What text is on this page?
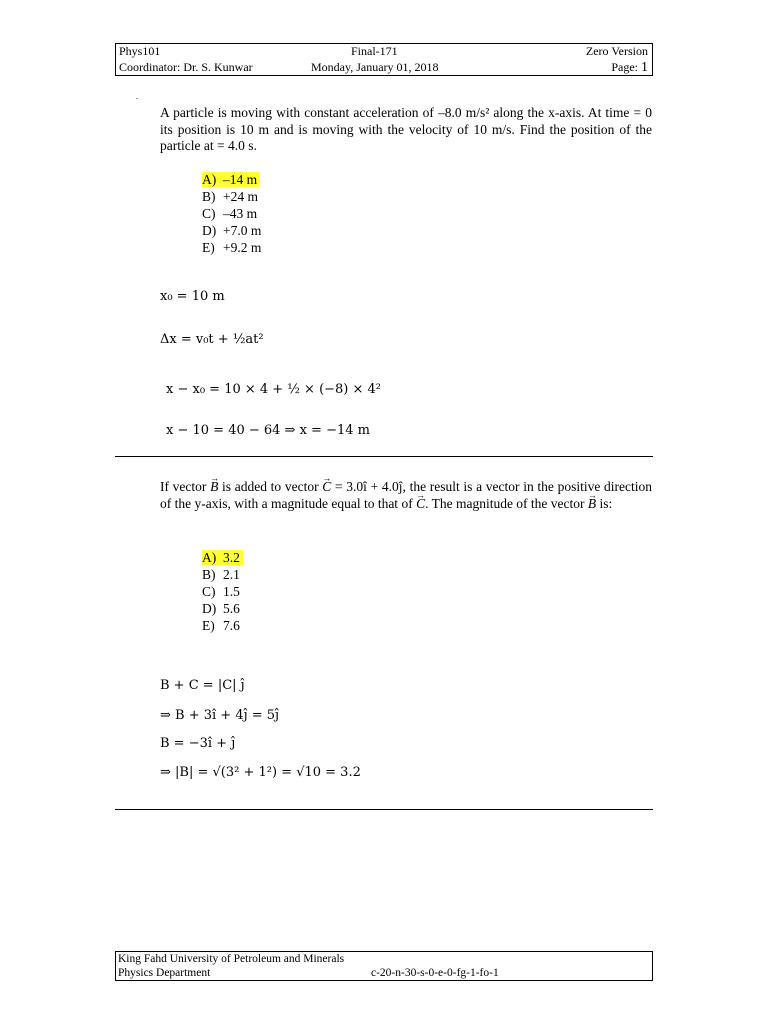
Phys101	Final-171	Zero Version
Coordinator: Dr. S. Kunwar	Monday, January 01, 2018	Page: 1
.
A particle is moving with constant acceleration of –8.0 m/s² along the x-axis. At time = 0 its position is 10 m and is moving with the velocity of 10 m/s. Find the position of the particle at = 4.0 s.
A) –14 m
B) +24 m
C) –43 m
D) +7.0 m
E) +9.2 m
x₀ = 10 m
Δx = v₀t + ½at²
x − x₀ = 10 × 4 + ½ × (−8) × 4²
x − 10 = 40 − 64 ⇒ x = −14 m
If vector → B is added to vector → C = 3.0î + 4.0ĵ, the result is a vector in the positive direction of the y-axis, with a magnitude equal to that of → C. The magnitude of the vector → B is:
A) 3.2
B) 2.1
C) 1.5
D) 5.6
E) 7.6
B + C = |C| ĵ
⇒ B + 3î + 4ĵ = 5ĵ
B = −3î + ĵ
⇒ |B| = √(3² + 1²) = √10 = 3.2
King Fahd University of Petroleum and Minerals
Physics Department	c-20-n-30-s-0-e-0-fg-1-fo-1
